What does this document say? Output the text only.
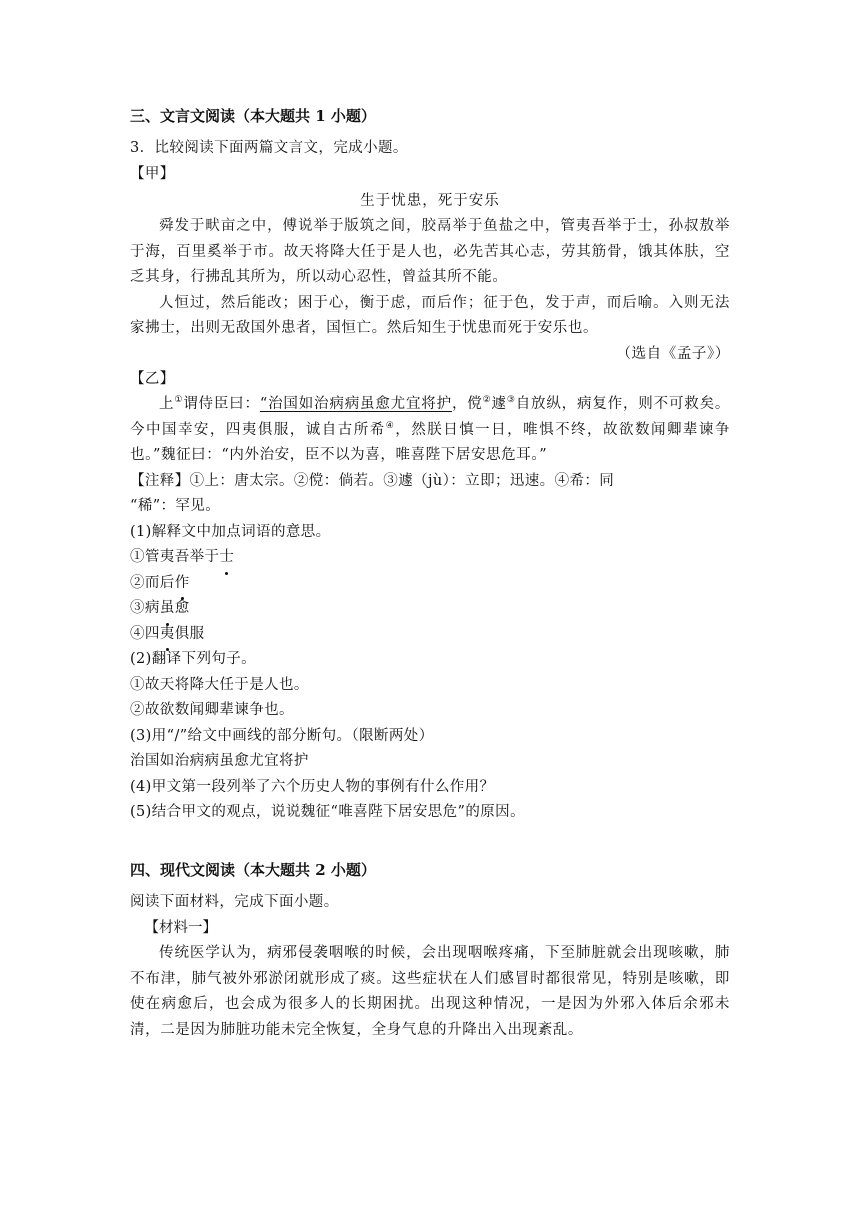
三、文言文阅读（本大题共 1 小题）

3．比较阅读下面两篇文言文，完成小题。

【甲】

生于忧患，死于安乐

舜发于畎亩之中，傅说举于版筑之间，胶鬲举于鱼盐之中，管夷吾举于士，孙叔敖举于海，百里奚举于市。故天将降大任于是人也，必先苦其心志，劳其筋骨，饿其体肤，空乏其身，行拂乱其所为，所以动心忍性，曾益其所不能。

人恒过，然后能改；困于心，衡于虑，而后作；征于色，发于声，而后喻。入则无法家拂士，出则无敌国外患者，国恒亡。然后知生于忧患而死于安乐也。

（选自《孟子》）

【乙】

上①谓侍臣曰：“治国如治病病虽愈尤宜将护，傥②遽③自放纵，病复作，则不可救矣。今中国幸安，四夷俱服，诚自古所希④，然朕日慎一日，唯惧不终，故欲数闻卿辈谏争也。”魏征曰：“内外治安，臣不以为喜，唯喜陛下居安思危耳。”

【注释】①上：唐太宗。②傥：倘若。③遽（jù）：立即；迅速。④希：同

“稀”：罕见。

(1)解释文中加点词语的意思。

①管夷吾举于士

②而后作

③病虽愈

④四夷俱服

(2)翻译下列句子。

①故天将降大任于是人也。

②故欲数闻卿辈谏争也。

(3)用“/”给文中画线的部分断句。（限断两处）

治国如治病病虽愈尤宜将护

(4)甲文第一段列举了六个历史人物的事例有什么作用？

(5)结合甲文的观点，说说魏征“唯喜陛下居安思危”的原因。

四、现代文阅读（本大题共 2 小题）

阅读下面材料，完成下面小题。

【材料一】

传统医学认为，病邪侵袭咽喉的时候，会出现咽喉疼痛，下至肺脏就会出现咳嗽，肺不布津，肺气被外邪淤闭就形成了痰。这些症状在人们感冒时都很常见，特别是咳嗽，即使在病愈后，也会成为很多人的长期困扰。出现这种情况，一是因为外邪入体后余邪未清，二是因为肺脏功能未完全恢复，全身气息的升降出入出现紊乱。
